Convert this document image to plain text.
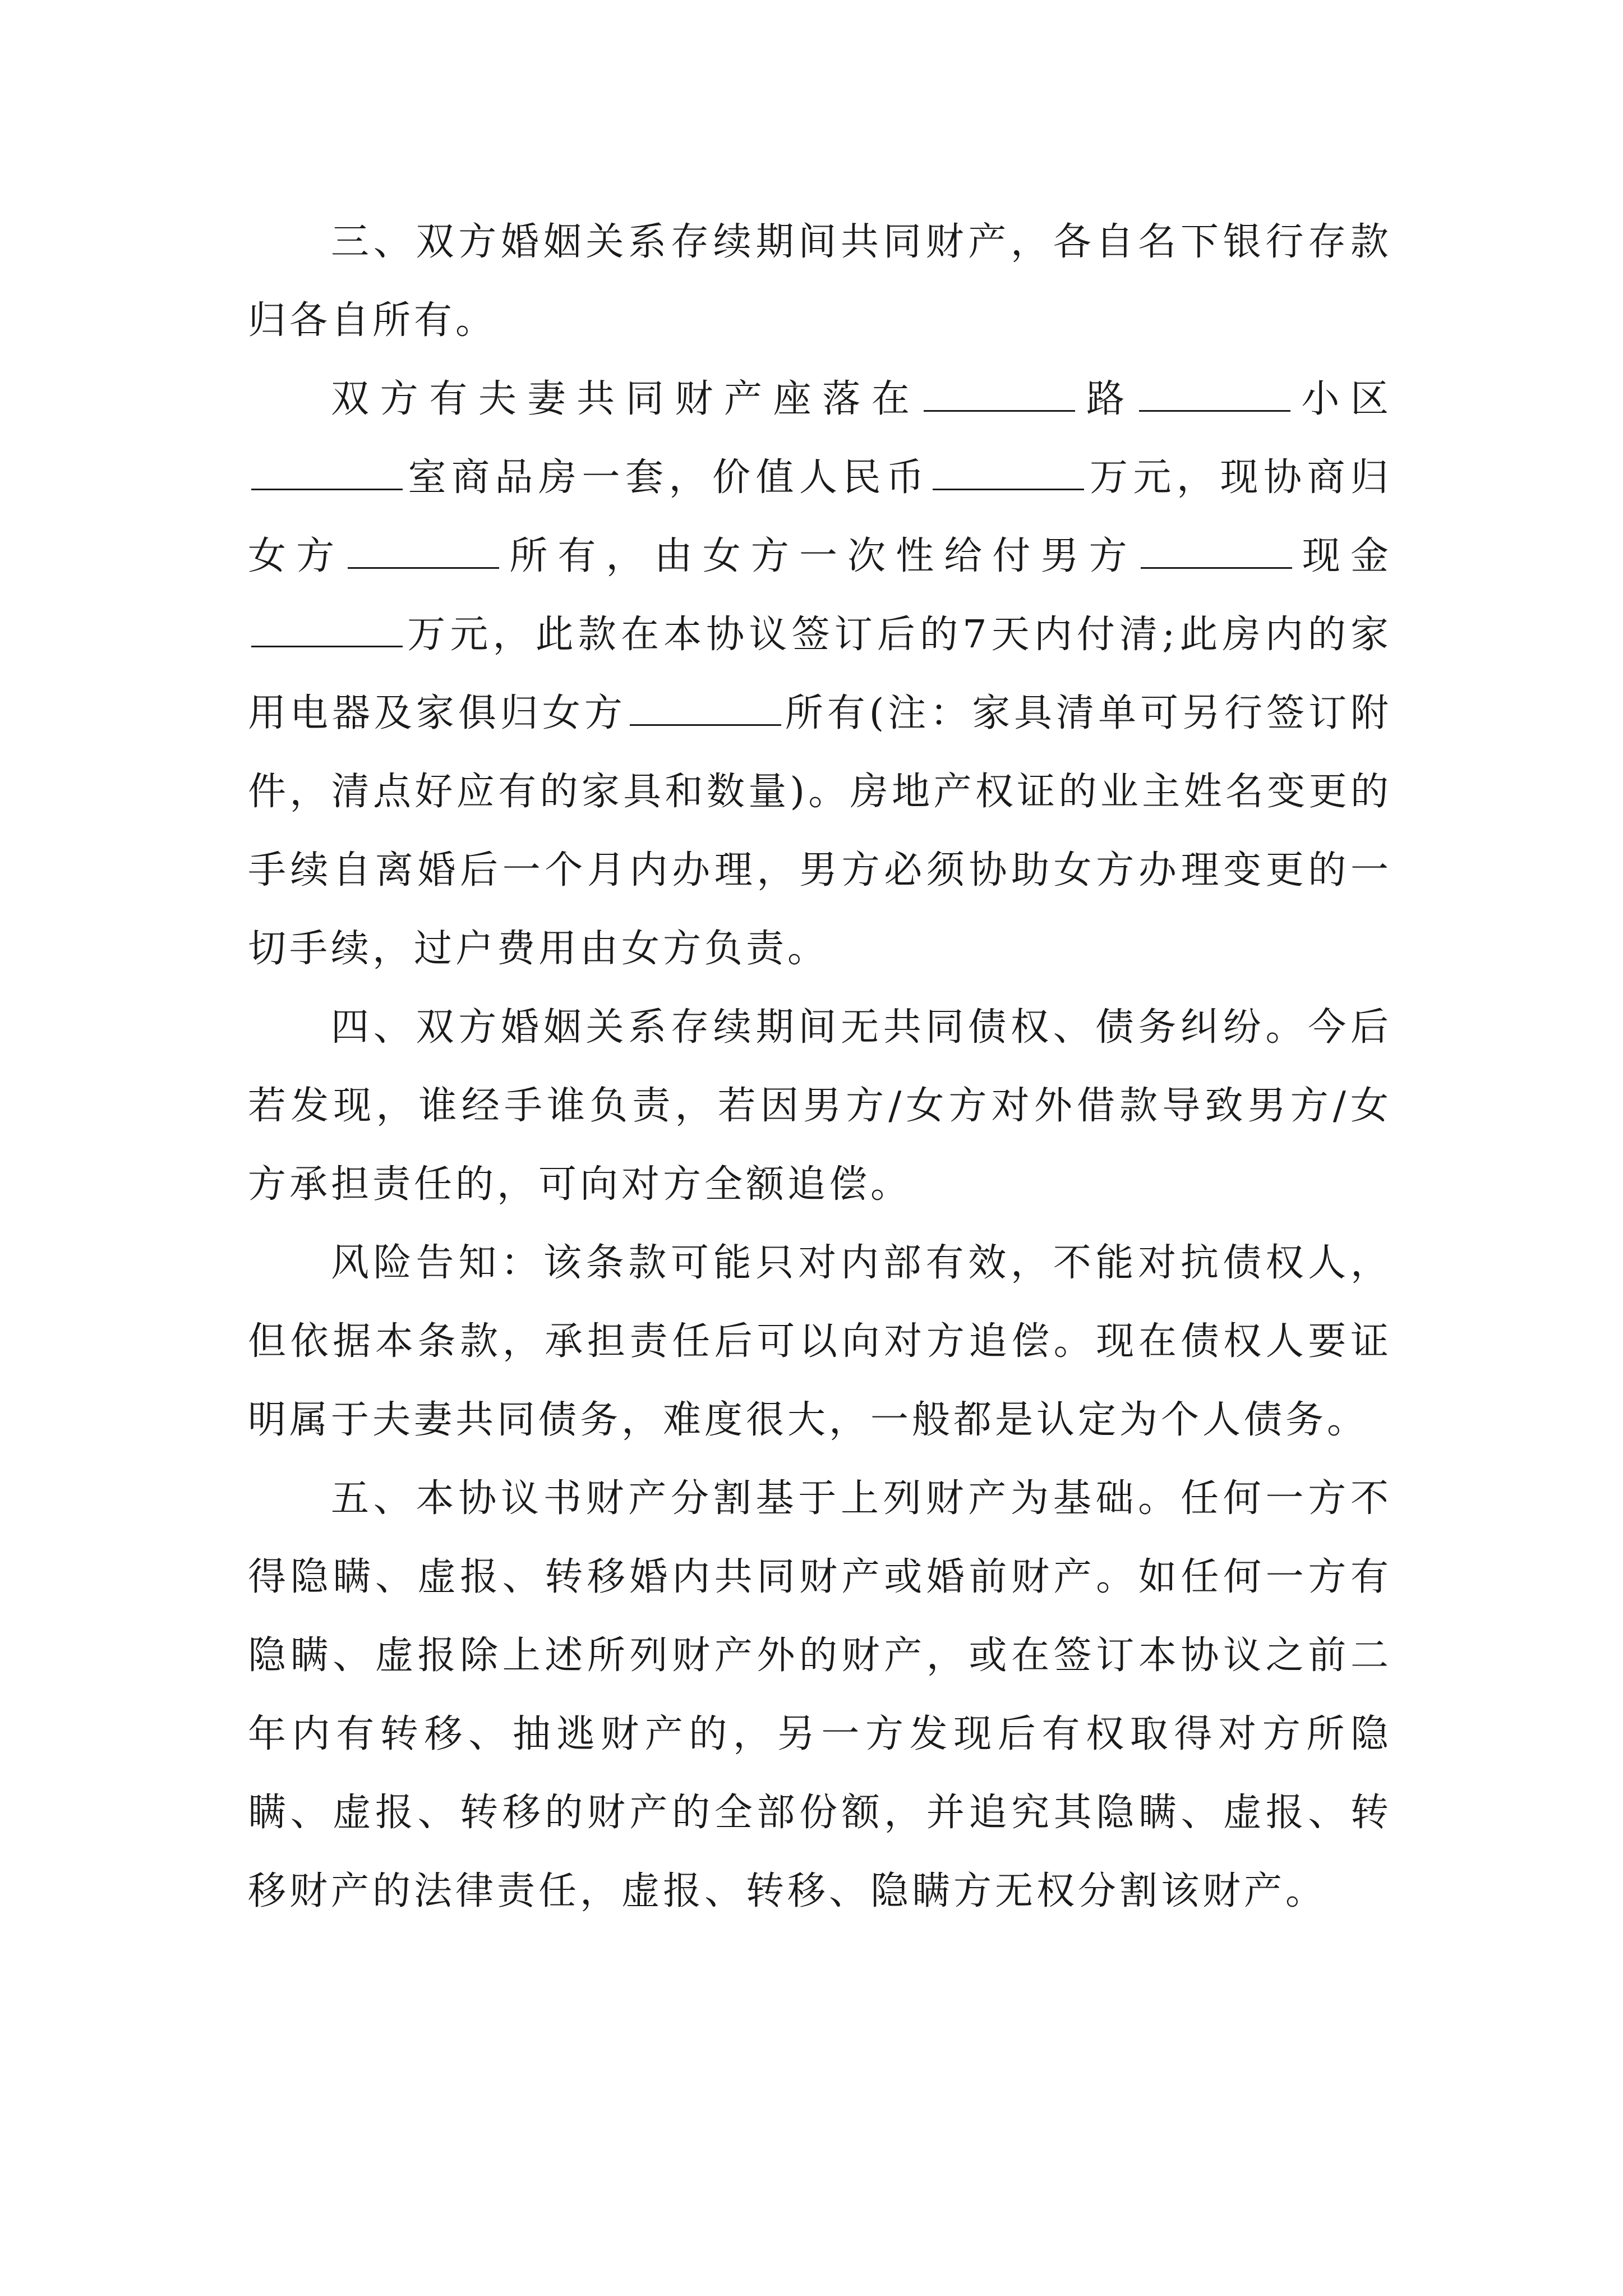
三、双方婚姻关系存续期间共同财产，各自名下银行存款归各自所有。

双方有夫妻共同财产座落在	路	小区室商品房一套，价值人民币	万元，现协商归女方	所有，由女方一次性给付男方	现金万元，此款在本协议签订后的7天内付清;此房内的家用电器及家俱归女方	所有(注：家具清单可另行签订附件，清点好应有的家具和数量)。房地产权证的业主姓名变更的手续自离婚后一个月内办理，男方必须协助女方办理变更的一切手续，过户费用由女方负责。

四、双方婚姻关系存续期间无共同债权、债务纠纷。今后若发现，谁经手谁负责，若因男方/女方对外借款导致男方/女方承担责任的，可向对方全额追偿。

风险告知：该条款可能只对内部有效，不能对抗债权人，但依据本条款，承担责任后可以向对方追偿。现在债权人要证明属于夫妻共同债务，难度很大，一般都是认定为个人债务。

五、本协议书财产分割基于上列财产为基础。任何一方不得隐瞒、虚报、转移婚内共同财产或婚前财产。如任何一方有隐瞒、虚报除上述所列财产外的财产，或在签订本协议之前二年内有转移、抽逃财产的，另一方发现后有权取得对方所隐瞒、虚报、转移的财产的全部份额，并追究其隐瞒、虚报、转移财产的法律责任，虚报、转移、隐瞒方无权分割该财产。
